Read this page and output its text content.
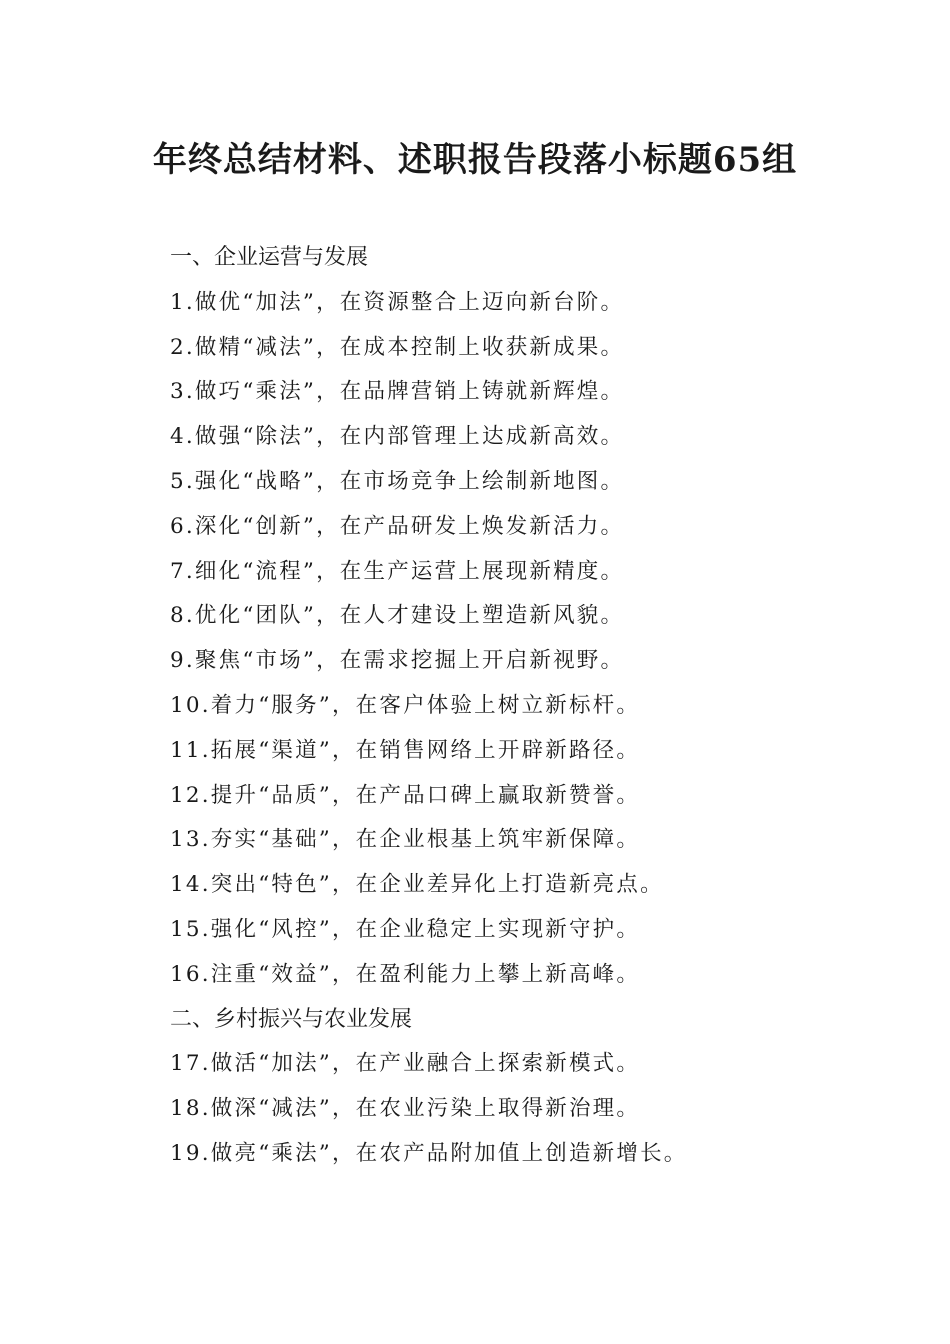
年终总结材料、述职报告段落小标题65组
一、企业运营与发展
1.做优“加法”，在资源整合上迈向新台阶。
2.做精“减法”，在成本控制上收获新成果。
3.做巧“乘法”，在品牌营销上铸就新辉煌。
4.做强“除法”，在内部管理上达成新高效。
5.强化“战略”，在市场竞争上绘制新地图。
6.深化“创新”，在产品研发上焕发新活力。
7.细化“流程”，在生产运营上展现新精度。
8.优化“团队”，在人才建设上塑造新风貌。
9.聚焦“市场”，在需求挖掘上开启新视野。
10.着力“服务”，在客户体验上树立新标杆。
11.拓展“渠道”，在销售网络上开辟新路径。
12.提升“品质”，在产品口碑上赢取新赞誉。
13.夯实“基础”，在企业根基上筑牢新保障。
14.突出“特色”，在企业差异化上打造新亮点。
15.强化“风控”，在企业稳定上实现新守护。
16.注重“效益”，在盈利能力上攀上新高峰。
二、乡村振兴与农业发展
17.做活“加法”，在产业融合上探索新模式。
18.做深“减法”，在农业污染上取得新治理。
19.做亮“乘法”，在农产品附加值上创造新增长。
